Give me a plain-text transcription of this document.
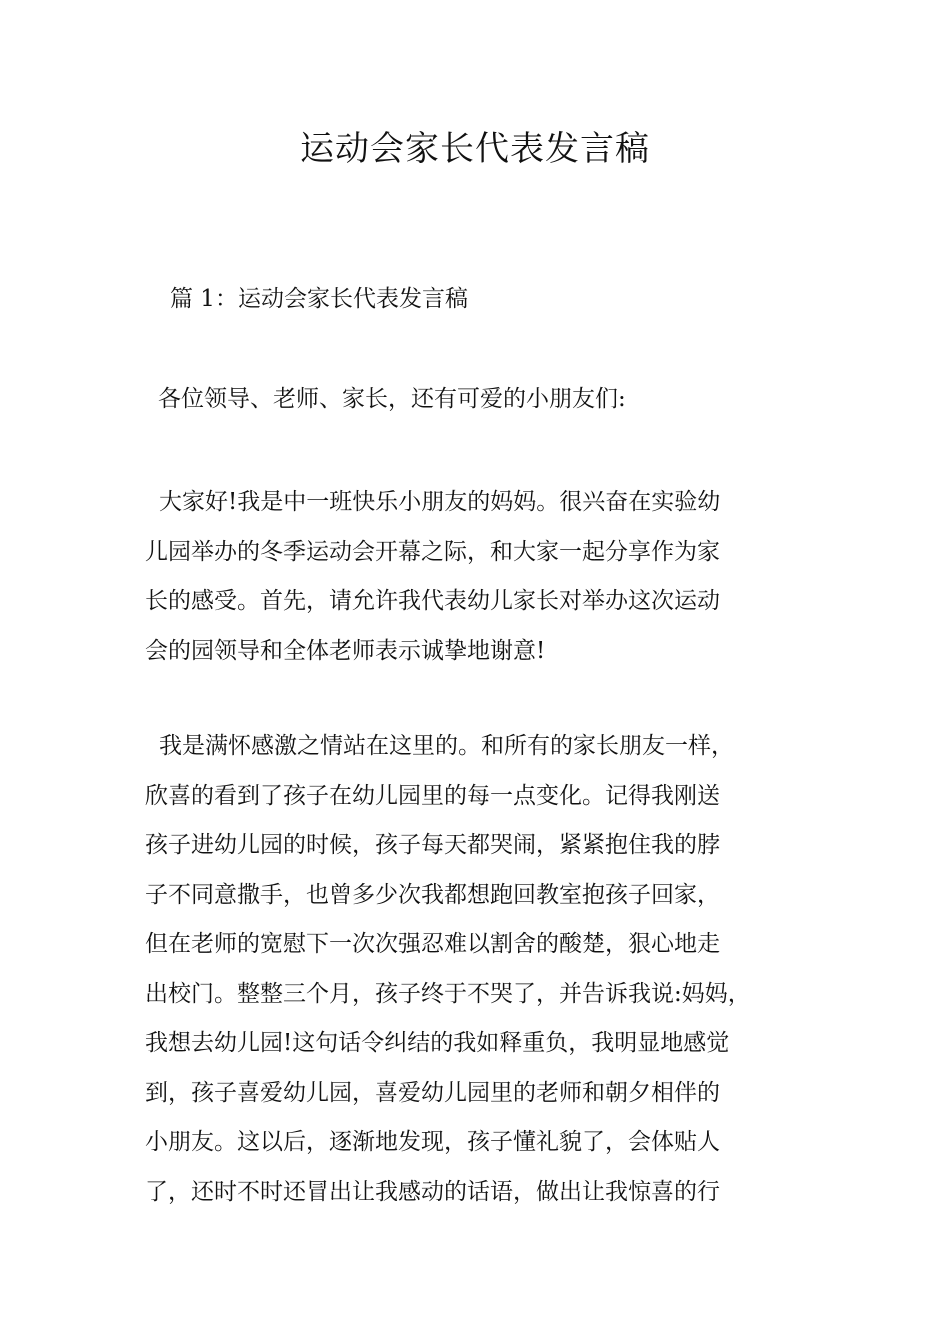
运动会家长代表发言稿

篇 1：运动会家长代表发言稿

各位领导、老师、家长，还有可爱的小朋友们:

大家好!我是中一班快乐小朋友的妈妈。很兴奋在实验幼
儿园举办的冬季运动会开幕之际，和大家一起分享作为家
长的感受。首先，请允许我代表幼儿家长对举办这次运动
会的园领导和全体老师表示诚挚地谢意!
我是满怀感激之情站在这里的。和所有的家长朋友一样，
欣喜的看到了孩子在幼儿园里的每一点变化。记得我刚送
孩子进幼儿园的时候，孩子每天都哭闹，紧紧抱住我的脖
子不同意撒手，也曾多少次我都想跑回教室抱孩子回家，
但在老师的宽慰下一次次强忍难以割舍的酸楚，狠心地走
出校门。整整三个月，孩子终于不哭了，并告诉我说:妈妈，
我想去幼儿园!这句话令纠结的我如释重负，我明显地感觉
到，孩子喜爱幼儿园，喜爱幼儿园里的老师和朝夕相伴的
小朋友。这以后，逐渐地发现，孩子懂礼貌了，会体贴人
了，还时不时还冒出让我感动的话语，做出让我惊喜的行
